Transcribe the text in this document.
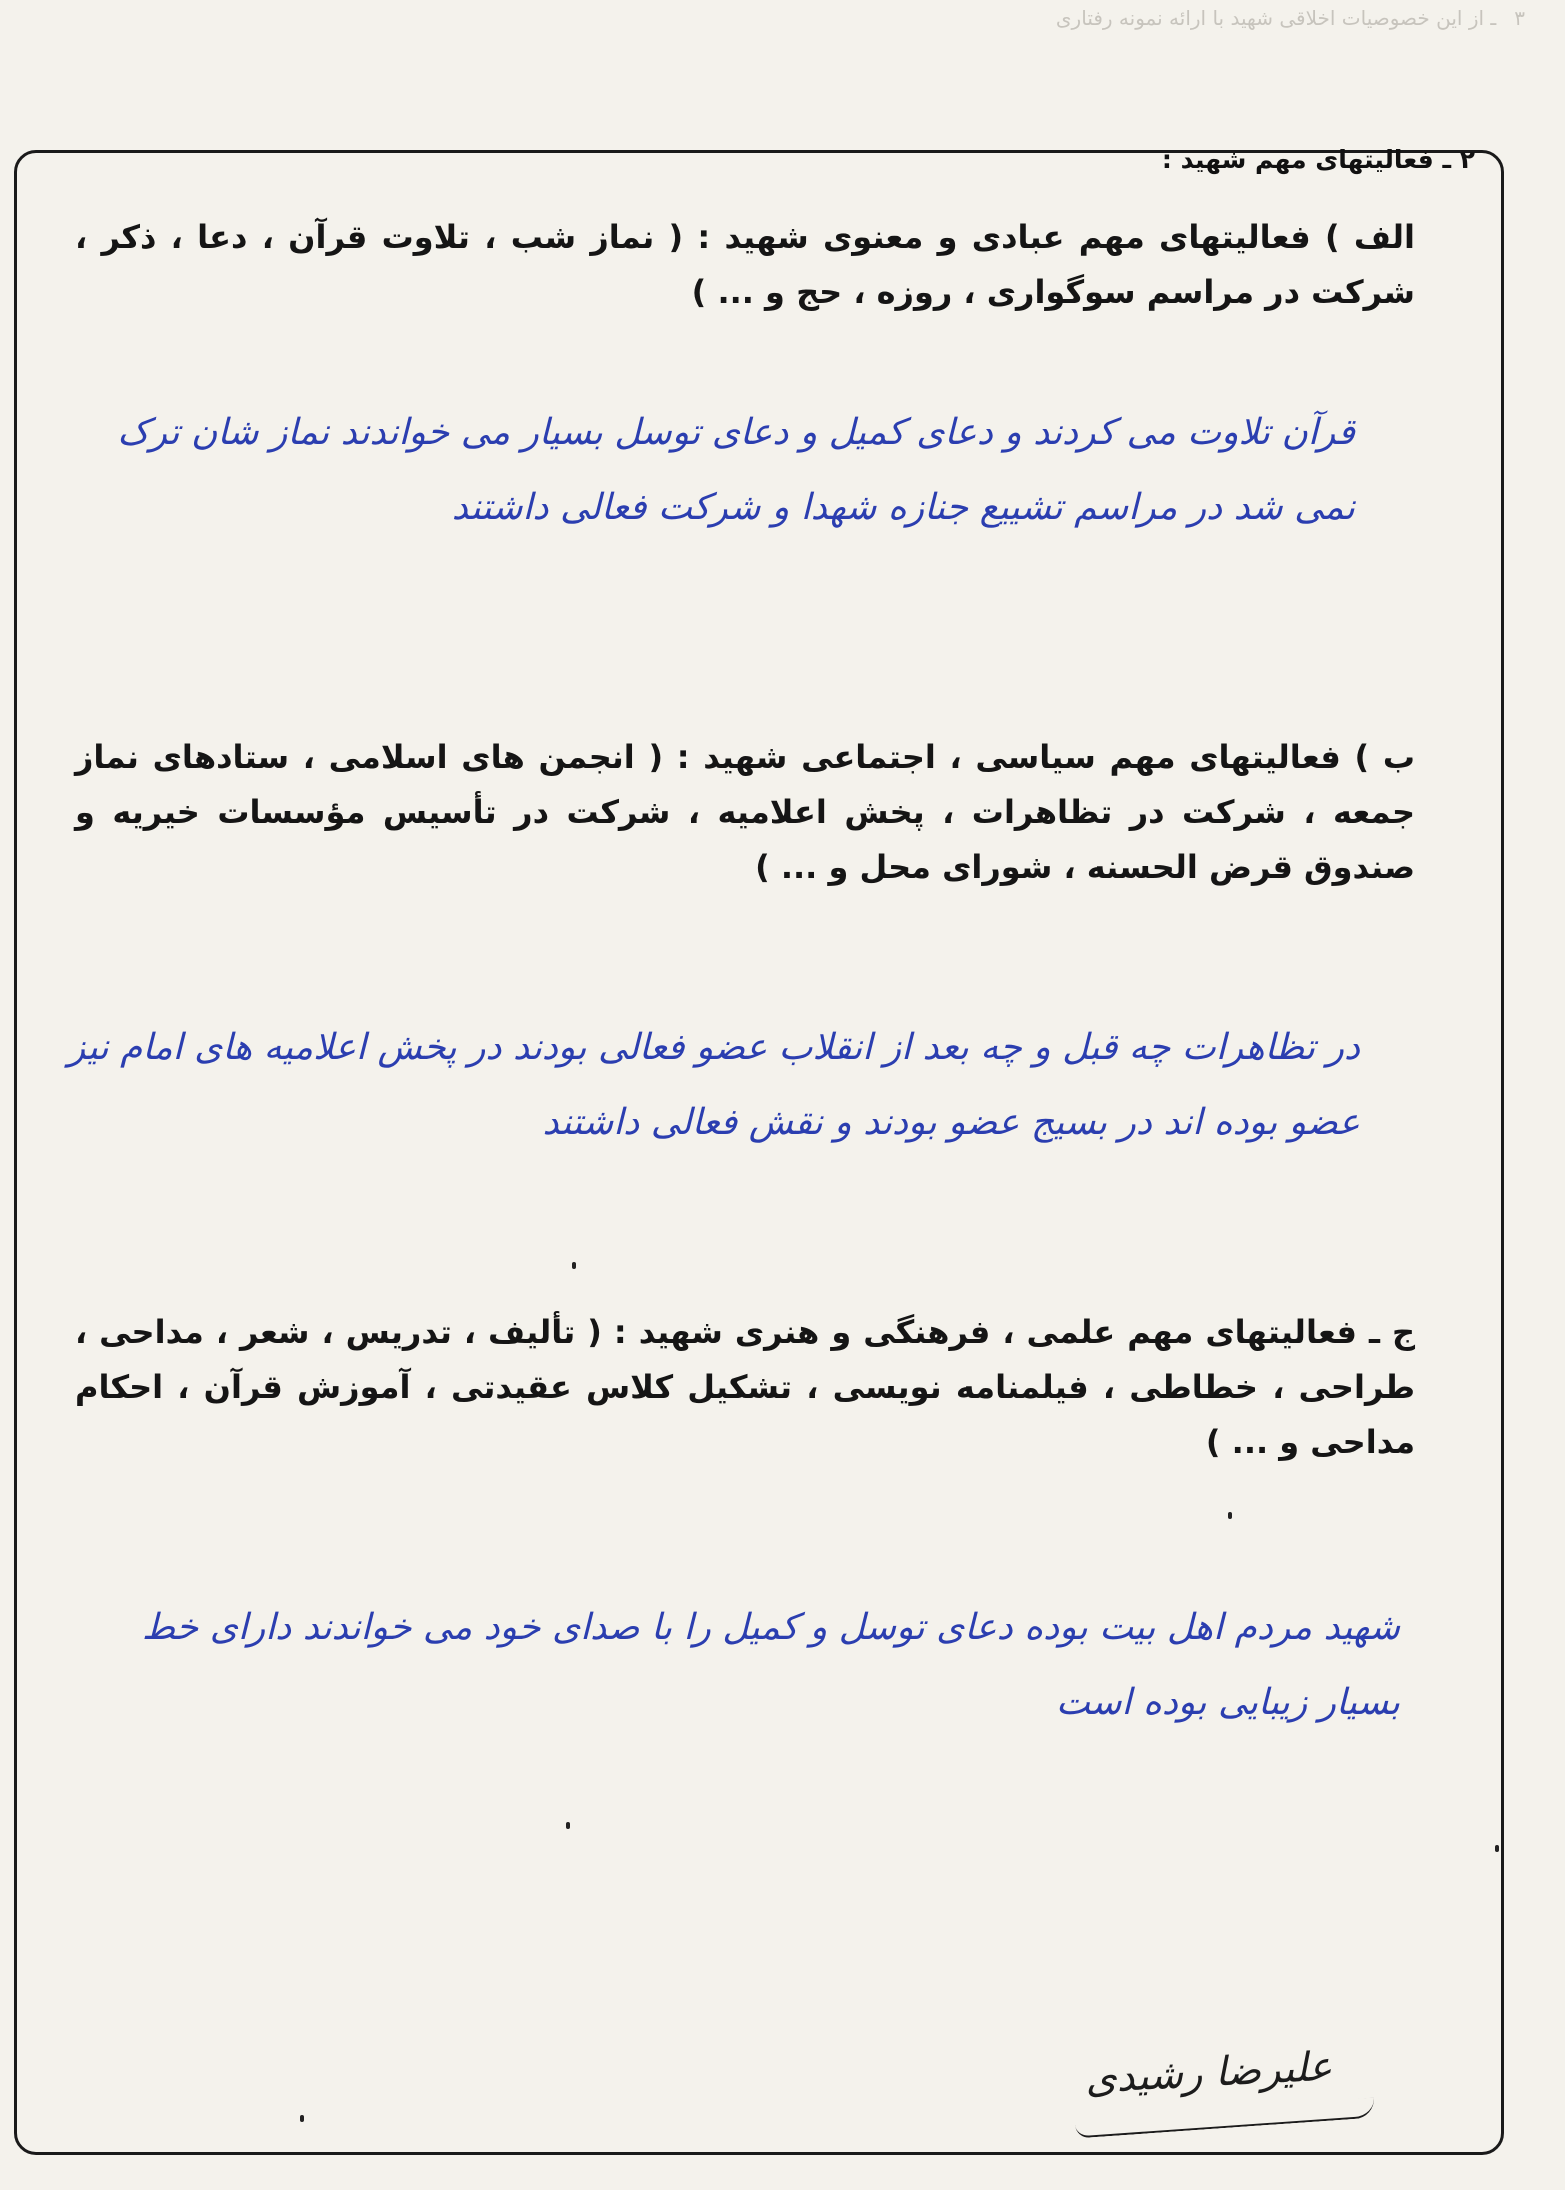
۳ـ از این خصوصیات اخلاقی شهید با ارائه نمونه رفتاری
۲ ـ فعالیتهای مهم شهید :
الف ) فعالیتهای مهم عبادی و معنوی شهید : ( نماز شب ، تلاوت قرآن ، دعا ، ذکر ، شرکت در مراسم سوگواری ، روزه ، حج و ... )
قرآن تلاوت می کردند و دعای کمیل و دعای توسل بسیار می خواندند نماز شان ترک نمی شد در مراسم تشییع جنازه شهدا و شرکت فعالی داشتند
ب ) فعالیتهای مهم سیاسی ، اجتماعی شهید : ( انجمن های اسلامی ، ستادهای نماز جمعه ، شرکت در تظاهرات ، پخش اعلامیه ، شرکت در تأسیس مؤسسات خیریه و صندوق قرض الحسنه ، شورای محل و ... )
در تظاهرات چه قبل و چه بعد از انقلاب عضو فعالی بودند در پخش اعلامیه های امام نیز عضو بوده اند در بسیج عضو بودند و نقش فعالی داشتند
ج ـ فعالیتهای مهم علمی ، فرهنگی و هنری شهید : ( تألیف ، تدریس ، شعر ، مداحی ، طراحی ، خطاطی ، فیلمنامه نویسی ، تشکیل کلاس عقیدتی ، آموزش قرآن ، احکام مداحی و ... )
شهید مردم اهل بیت بوده دعای توسل و کمیل را با صدای خود می خواندند دارای خط بسیار زیبایی بوده است
علیرضا رشیدی
